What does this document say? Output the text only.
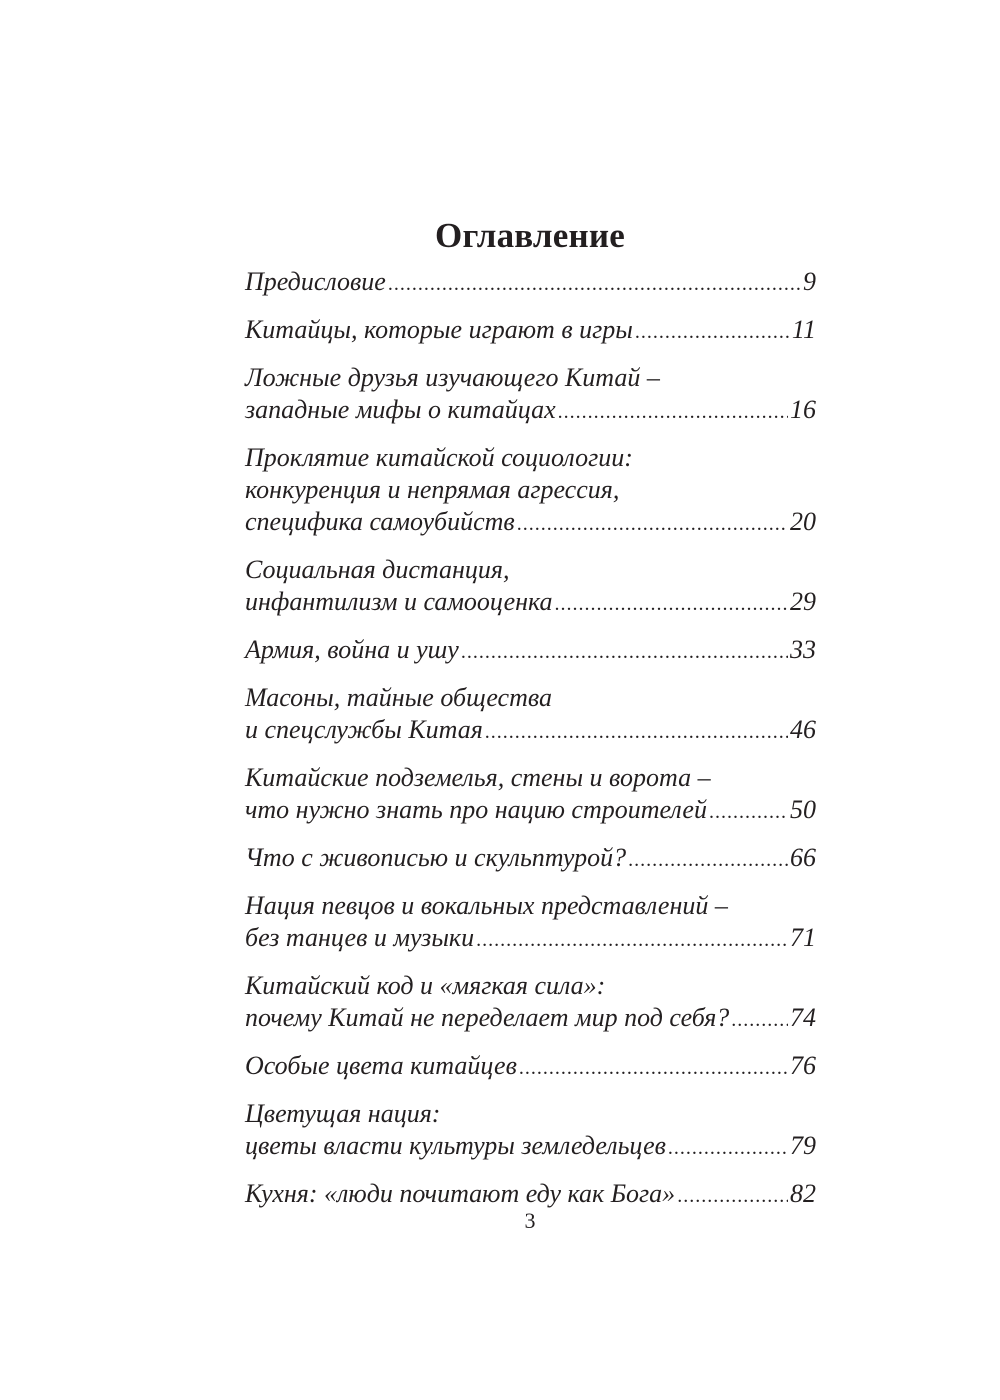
Оглавление
Предисловие .....	9
Китайцы, которые играют в игры .....	11
Ложные друзья изучающего Китай –
западные мифы о китайцах .....	16
Проклятие китайской социологии:
конкуренция и непрямая агрессия,
специфика самоубийств .....	20
Социальная дистанция,
инфантилизм и самооценка .....	29
Армия, война и ушу .....	33
Масоны, тайные общества
и спецслужбы Китая .....	46
Китайские подземелья, стены и ворота –
что нужно знать про нацию строителей .....	50
Что с живописью и скульптурой? .....	66
Нация певцов и вокальных представлений –
без танцев и музыки .....	71
Китайский код и «мягкая сила»:
почему Китай не переделает мир под себя? ..... 74
Особые цвета китайцев .....	76
Цветущая нация:
цветы власти культуры земледельцев .....	79
Кухня: «люди почитают еду как Бога» .....	82
3
